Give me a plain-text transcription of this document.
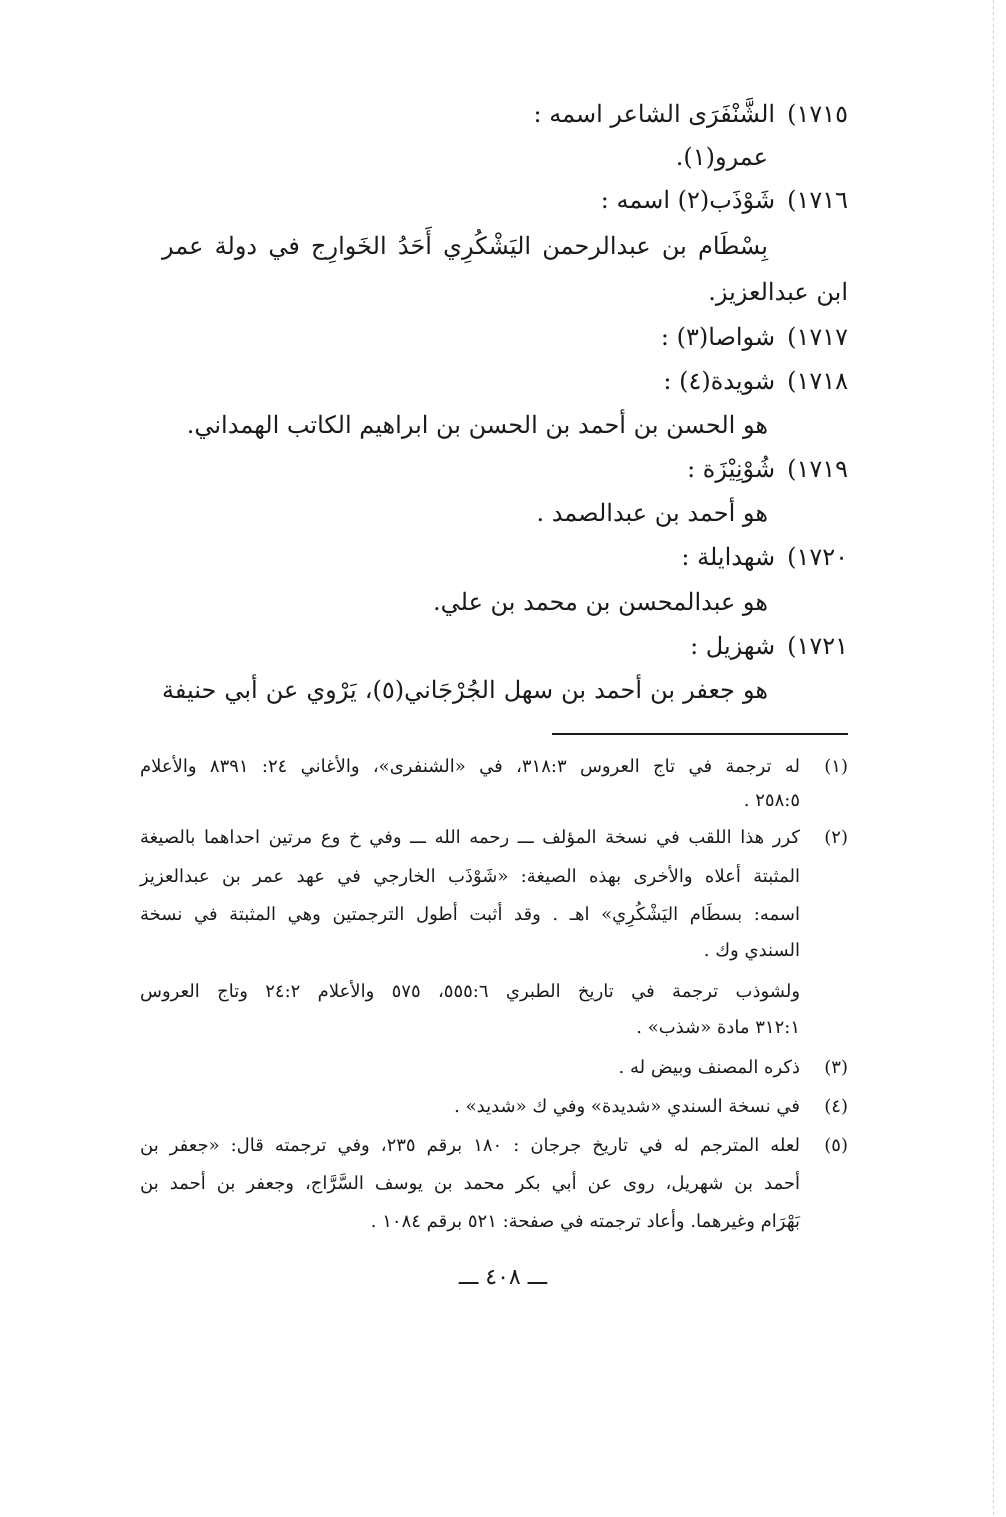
١٧١٥)الشَّنْفَرَى الشاعر اسمه :
عمرو(١).
١٧١٦)شَوْذَب(٢) اسمه :
بِسْطَام بن عبدالرحمن اليَشْكُرِي أَحَدُ الخَوارِج في دولة عمر
ابن عبدالعزيز.
١٧١٧)شواصا(٣) :
١٧١٨)شويدة(٤) :
هو الحسن بن أحمد بن الحسن بن ابراهيم الكاتب الهمداني.
١٧١٩)شُوْنِيْزَة :
هو أحمد بن عبدالصمد .
١٧٢٠)شهدايلة :
هو عبدالمحسن بن محمد بن علي.
١٧٢١)شهزيل :
هو جعفر بن أحمد بن سهل الجُرْجَاني(٥)، يَرْوي عن أبي حنيفة
(١)
له ترجمة في تاج العروس ٣١٨:٣، في «الشنفرى»، والأغاني ٢٤: ٨٣٩١ والأعلام
٢٥٨:٥ .
(٢)
كرر هذا اللقب في نسخة المؤلف ـــ رحمه الله ـــ وفي خ وع مرتين احداهما بالصيغة
المثبتة أعلاه والأخرى بهذه الصيغة: «شَوْذَب الخارجي في عهد عمر بن عبدالعزيز
اسمه: بسطَام اليَشْكُرِي» اهـ . وقد أثبت أطول الترجمتين وهي المثبتة في نسخة
السندي وك .
ولشوذب ترجمة في تاريخ الطبري ٥٥٥:٦، ٥٧٥ والأعلام ٢٤:٢ وتاج العروس
٣١٢:١ مادة «شذب» .
(٣)
ذكره المصنف وبيض له .
(٤)
في نسخة السندي «شديدة» وفي ك «شديد» .
(٥)
لعله المترجم له في تاريخ جرجان : ١٨٠ برقم ٢٣٥، وفي ترجمته قال: «جعفر بن
أحمد بن شهريل، روى عن أبي بكر محمد بن يوسف السَّرَّاج، وجعفر بن أحمد بن
بَهْرَام وغيرهما. وأعاد ترجمته في صفحة: ٥٢١ برقم ١٠٨٤ .
ـــ ٤٠٨ ـــ
